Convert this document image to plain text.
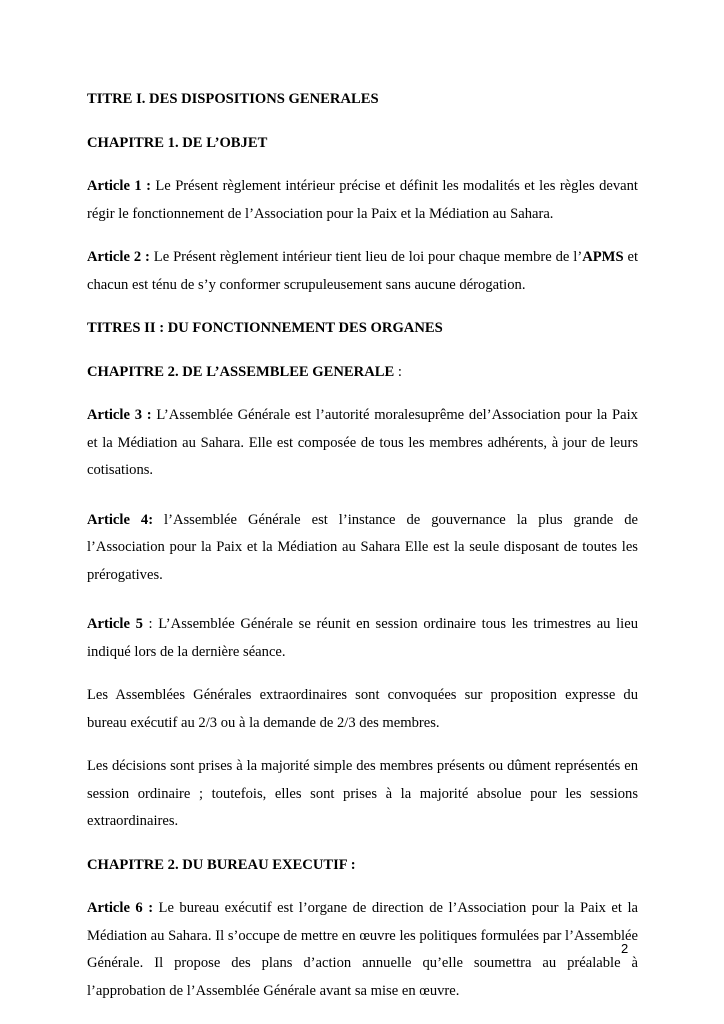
TITRE I. DES DISPOSITIONS GENERALES

CHAPITRE 1. DE L’OBJET

Article 1 : Le Présent règlement intérieur précise et définit les modalités et les règles devant régir le fonctionnement de l’Association pour la Paix et la Médiation au Sahara.

Article 2 : Le Présent règlement intérieur tient lieu de loi pour chaque membre de l’APMS et chacun est ténu de s’y conformer scrupuleusement sans aucune dérogation.

TITRES II : DU FONCTIONNEMENT DES ORGANES

CHAPITRE 2. DE L’ASSEMBLEE GENERALE :

Article 3 : L’Assemblée Générale est l’autorité moralesuprême del’Association pour la Paix et la Médiation au Sahara. Elle est composée de tous les membres adhérents, à jour de leurs cotisations.

Article 4: l’Assemblée Générale est l’instance de gouvernance la plus grande de l’Association pour la Paix et la Médiation au Sahara Elle est la seule disposant de toutes les prérogatives.

Article 5 : L’Assemblée Générale se réunit en session ordinaire tous les trimestres au lieu indiqué lors de la dernière séance.

Les Assemblées Générales extraordinaires sont convoquées sur proposition expresse du bureau exécutif au 2/3 ou à la demande de 2/3 des membres.

Les décisions sont prises à la majorité simple des membres présents ou dûment représentés en session ordinaire ; toutefois, elles sont prises à la majorité absolue pour les sessions extraordinaires.

CHAPITRE 2. DU BUREAU EXECUTIF :

Article 6 : Le bureau exécutif est l’organe de direction de l’Association pour la Paix et la Médiation au Sahara. Il s’occupe de mettre en œuvre les politiques formulées par l’Assemblée Générale. Il propose des plans d’action annuelle qu’elle soumettra au préalable à l’approbation de l’Assemblée Générale avant sa mise en œuvre.

2
